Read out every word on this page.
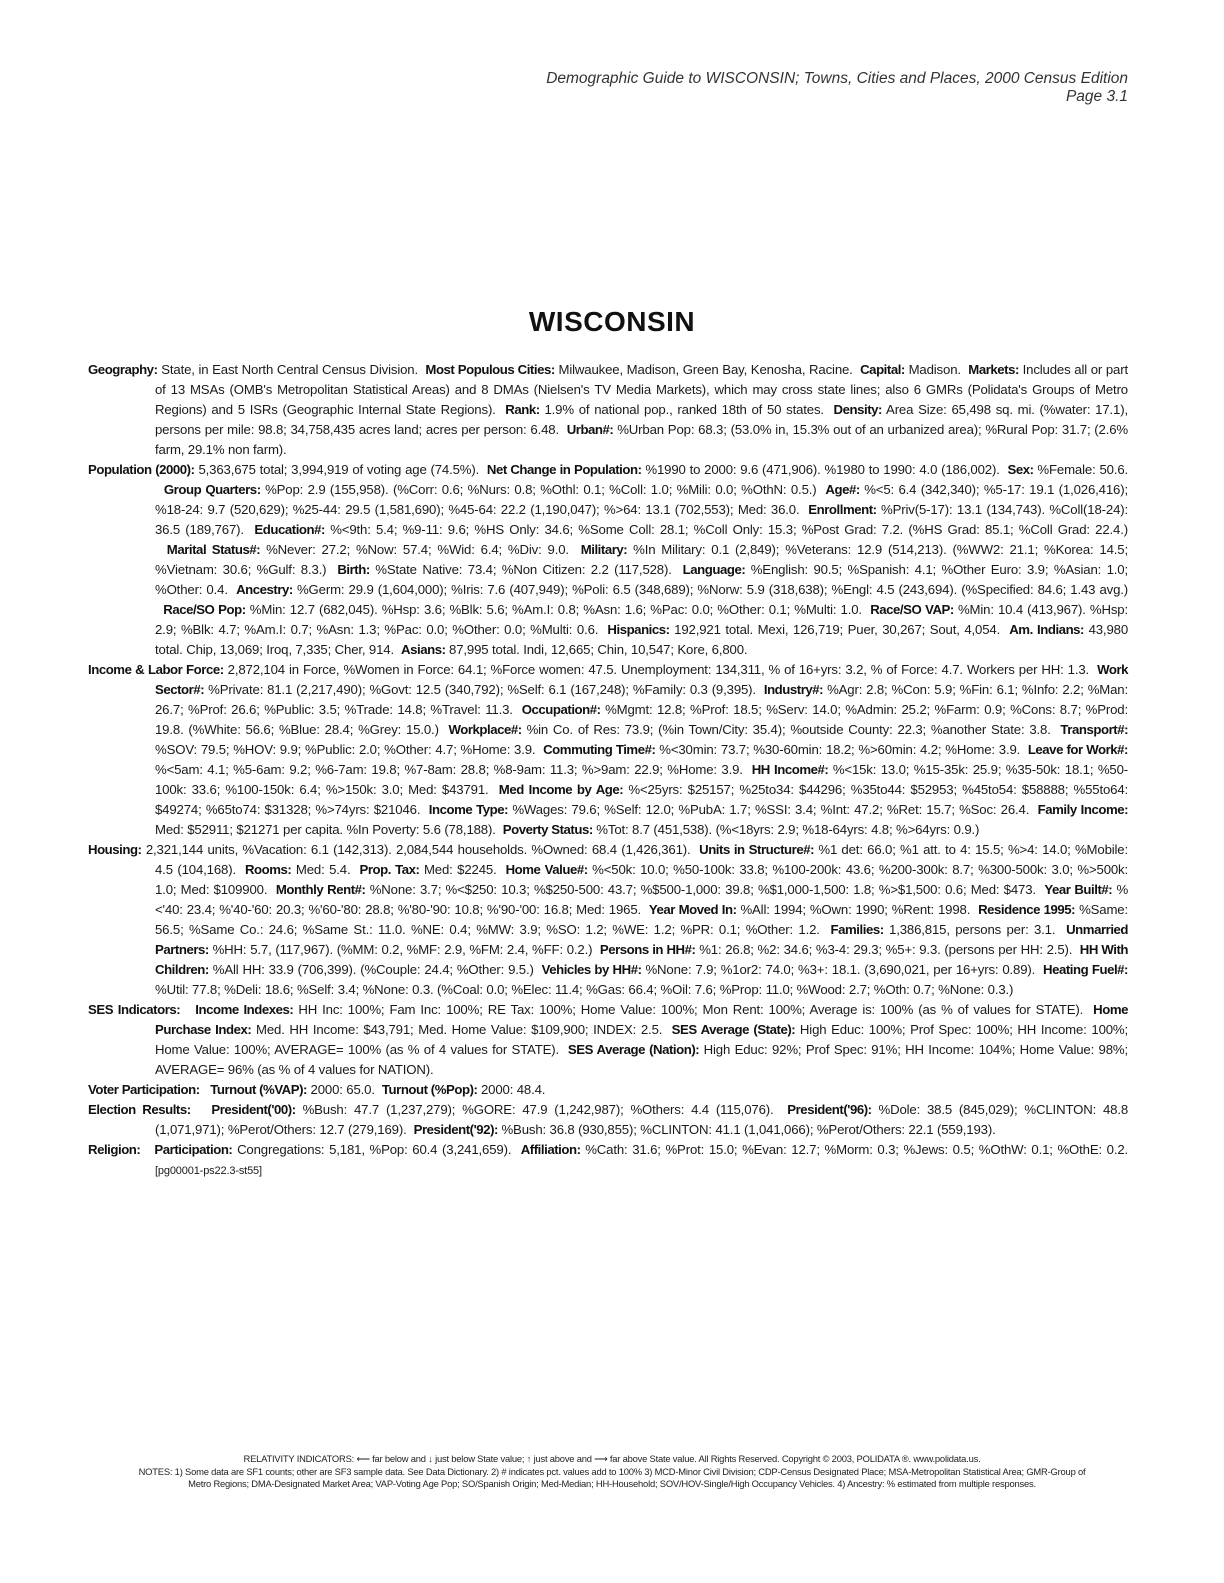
Demographic Guide to WISCONSIN; Towns, Cities and Places, 2000 Census Edition
Page 3.1
WISCONSIN

Geography: State, in East North Central Census Division. Most Populous Cities: Milwaukee, Madison, Green Bay, Kenosha, Racine. Capital: Madison. Markets: Includes all or part of 13 MSAs (OMB's Metropolitan Statistical Areas) and 8 DMAs (Nielsen's TV Media Markets), which may cross state lines; also 6 GMRs (Polidata's Groups of Metro Regions) and 5 ISRs (Geographic Internal State Regions). Rank: 1.9% of national pop., ranked 18th of 50 states. Density: Area Size: 65,498 sq. mi. (%water: 17.1), persons per mile: 98.8; 34,758,435 acres land; acres per person: 6.48. Urban#: %Urban Pop: 68.3; (53.0% in, 15.3% out of an urbanized area); %Rural Pop: 31.7; (2.6% farm, 29.1% non farm).

Population (2000): 5,363,675 total; 3,994,919 of voting age (74.5%). Net Change in Population: %1990 to 2000: 9.6 (471,906). %1980 to 1990: 4.0 (186,002). Sex: %Female: 50.6.  Group Quarters: %Pop: 2.9 (155,958). (%Corr: 0.6; %Nurs: 0.8; %Othl: 0.1; %Coll: 1.0; %Mili: 0.0; %OthN: 0.5.) Age#: %<5: 6.4 (342,340); %5-17: 19.1 (1,026,416); %18-24: 9.7 (520,629); %25-44: 29.5 (1,581,690); %45-64: 22.2 (1,190,047); %>64: 13.1 (702,553); Med: 36.0. Enrollment: %Priv(5-17): 13.1 (134,743). %Coll(18-24): 36.5 (189,767). Education#: %<9th: 5.4; %9-11: 9.6; %HS Only: 34.6; %Some Coll: 28.1; %Coll Only: 15.3; %Post Grad: 7.2. (%HS Grad: 85.1; %Coll Grad: 22.4.)  Marital Status#: %Never: 27.2; %Now: 57.4; %Wid: 6.4; %Div: 9.0. Military: %In Military: 0.1 (2,849); %Veterans: 12.9 (514,213). (%WW2: 21.1; %Korea: 14.5; %Vietnam: 30.6; %Gulf: 8.3.) Birth: %State Native: 73.4; %Non Citizen: 2.2 (117,528). Language: %English: 90.5; %Spanish: 4.1; %Other Euro: 3.9; %Asian: 1.0; %Other: 0.4. Ancestry: %Germ: 29.9 (1,604,000); %Iris: 7.6 (407,949); %Poli: 6.5 (348,689); %Norw: 5.9 (318,638); %Engl: 4.5 (243,694). (%Specified: 84.6; 1.43 avg.)  Race/SO Pop: %Min: 12.7 (682,045). %Hsp: 3.6; %Blk: 5.6; %Am.I: 0.8; %Asn: 1.6; %Pac: 0.0; %Other: 0.1; %Multi: 1.0. Race/SO VAP: %Min: 10.4 (413,967). %Hsp: 2.9; %Blk: 4.7; %Am.I: 0.7; %Asn: 1.3; %Pac: 0.0; %Other: 0.0; %Multi: 0.6. Hispanics: 192,921 total. Mexi, 126,719; Puer, 30,267; Sout, 4,054. Am. Indians: 43,980 total. Chip, 13,069; Iroq, 7,335; Cher, 914. Asians: 87,995 total. Indi, 12,665; Chin, 10,547; Kore, 6,800.

Income & Labor Force: 2,872,104 in Force, %Women in Force: 64.1; %Force women: 47.5. Unemployment: 134,311, % of 16+yrs: 3.2, % of Force: 4.7. Workers per HH: 1.3. Work Sector#: %Private: 81.1 (2,217,490); %Govt: 12.5 (340,792); %Self: 6.1 (167,248); %Family: 0.3 (9,395). Industry#: %Agr: 2.8; %Con: 5.9; %Fin: 6.1; %Info: 2.2; %Man: 26.7; %Prof: 26.6; %Public: 3.5; %Trade: 14.8; %Travel: 11.3. Occupation#: %Mgmt: 12.8; %Prof: 18.5; %Serv: 14.0; %Admin: 25.2; %Farm: 0.9; %Cons: 8.7; %Prod: 19.8. (%White: 56.6; %Blue: 28.4; %Grey: 15.0.) Workplace#: %in Co. of Res: 73.9; (%in Town/City: 35.4); %outside County: 22.3; %another State: 3.8. Transport#: %SOV: 79.5; %HOV: 9.9; %Public: 2.0; %Other: 4.7; %Home: 3.9. Commuting Time#: %<30min: 73.7; %30-60min: 18.2; %>60min: 4.2; %Home: 3.9. Leave for Work#: %<5am: 4.1; %5-6am: 9.2; %6-7am: 19.8; %7-8am: 28.8; %8-9am: 11.3; %>9am: 22.9; %Home: 3.9. HH Income#: %<15k: 13.0; %15-35k: 25.9; %35-50k: 18.1; %50-100k: 33.6; %100-150k: 6.4; %>150k: 3.0; Med: $43791. Med Income by Age: %<25yrs: $25157; %25to34: $44296; %35to44: $52953; %45to54: $58888; %55to64: $49274; %65to74: $31328; %>74yrs: $21046. Income Type: %Wages: 79.6; %Self: 12.0; %PubA: 1.7; %SSI: 3.4; %Int: 47.2; %Ret: 15.7; %Soc: 26.4. Family Income: Med: $52911; $21271 per capita. %In Poverty: 5.6 (78,188). Poverty Status: %Tot: 8.7 (451,538). (%<18yrs: 2.9; %18-64yrs: 4.8; %>64yrs: 0.9.)

Housing: 2,321,144 units, %Vacation: 6.1 (142,313). 2,084,544 households. %Owned: 68.4 (1,426,361). Units in Structure#: %1 det: 66.0; %1 att. to 4: 15.5; %>4: 14.0; %Mobile: 4.5 (104,168). Rooms: Med: 5.4. Prop. Tax: Med: $2245. Home Value#: %<50k: 10.0; %50-100k: 33.8; %100-200k: 43.6; %200-300k: 8.7; %300-500k: 3.0; %>500k: 1.0; Med: $109900. Monthly Rent#: %None: 3.7; %<$250: 10.3; %$250-500: 43.7; %$500-1,000: 39.8; %$1,000-1,500: 1.8; %>$1,500: 0.6; Med: $473. Year Built#: %<'40: 23.4; %'40-'60: 20.3; %'60-'80: 28.8; %'80-'90: 10.8; %'90-'00: 16.8; Med: 1965. Year Moved In: %All: 1994; %Own: 1990; %Rent: 1998. Residence 1995: %Same: 56.5; %Same Co.: 24.6; %Same St.: 11.0. %NE: 0.4; %MW: 3.9; %SO: 1.2; %WE: 1.2; %PR: 0.1; %Other: 1.2. Families: 1,386,815, persons per: 3.1. Unmarried Partners: %HH: 5.7, (117,967). (%MM: 0.2, %MF: 2.9, %FM: 2.4, %FF: 0.2.) Persons in HH#: %1: 26.8; %2: 34.6; %3-4: 29.3; %5+: 9.3. (persons per HH: 2.5). HH With Children: %All HH: 33.9 (706,399). (%Couple: 24.4; %Other: 9.5.) Vehicles by HH#: %None: 7.9; %1or2: 74.0; %3+: 18.1. (3,690,021, per 16+yrs: 0.89). Heating Fuel#: %Util: 77.8; %Deli: 18.6; %Self: 3.4; %None: 0.3. (%Coal: 0.0; %Elec: 11.4; %Gas: 66.4; %Oil: 7.6; %Prop: 11.0; %Wood: 2.7; %Oth: 0.7; %None: 0.3.)

SES Indicators: Income Indexes: HH Inc: 100%; Fam Inc: 100%; RE Tax: 100%; Home Value: 100%; Mon Rent: 100%; Average is: 100% (as % of values for STATE). Home Purchase Index: Med. HH Income: $43,791; Med. Home Value: $109,900; INDEX: 2.5. SES Average (State): High Educ: 100%; Prof Spec: 100%; HH Income: 100%; Home Value: 100%; AVERAGE= 100% (as % of 4 values for STATE). SES Average (Nation): High Educ: 92%; Prof Spec: 91%; HH Income: 104%; Home Value: 98%; AVERAGE= 96% (as % of 4 values for NATION).

Voter Participation: Turnout (%VAP): 2000: 65.0. Turnout (%Pop): 2000: 48.4.

Election Results: President('00): %Bush: 47.7 (1,237,279); %GORE: 47.9 (1,242,987); %Others: 4.4 (115,076). President('96): %Dole: 38.5 (845,029); %CLINTON: 48.8 (1,071,971); %Perot/Others: 12.7 (279,169). President('92): %Bush: 36.8 (930,855); %CLINTON: 41.1 (1,041,066); %Perot/Others: 22.1 (559,193).

Religion: Participation: Congregations: 5,181, %Pop: 60.4 (3,241,659). Affiliation: %Cath: 31.6; %Prot: 15.0; %Evan: 12.7; %Morm: 0.3; %Jews: 0.5; %OthW: 0.1; %OthE: 0.2. [pg00001-ps22.3-st55]

RELATIVITY INDICATORS: ⟵ far below and ↓ just below State value; ↑ just above and ⟶ far above State value. All Rights Reserved. Copyright © 2003, POLIDATA ®. www.polidata.us.
NOTES: 1) Some data are SF1 counts; other are SF3 sample data. See Data Dictionary. 2) # indicates pct. values add to 100% 3) MCD-Minor Civil Division; CDP-Census Designated Place; MSA-Metropolitan Statistical Area; GMR-Group of
Metro Regions; DMA-Designated Market Area; VAP-Voting Age Pop; SO/Spanish Origin; Med-Median; HH-Household; SOV/HOV-Single/High Occupancy Vehicles. 4) Ancestry: % estimated from multiple responses.
